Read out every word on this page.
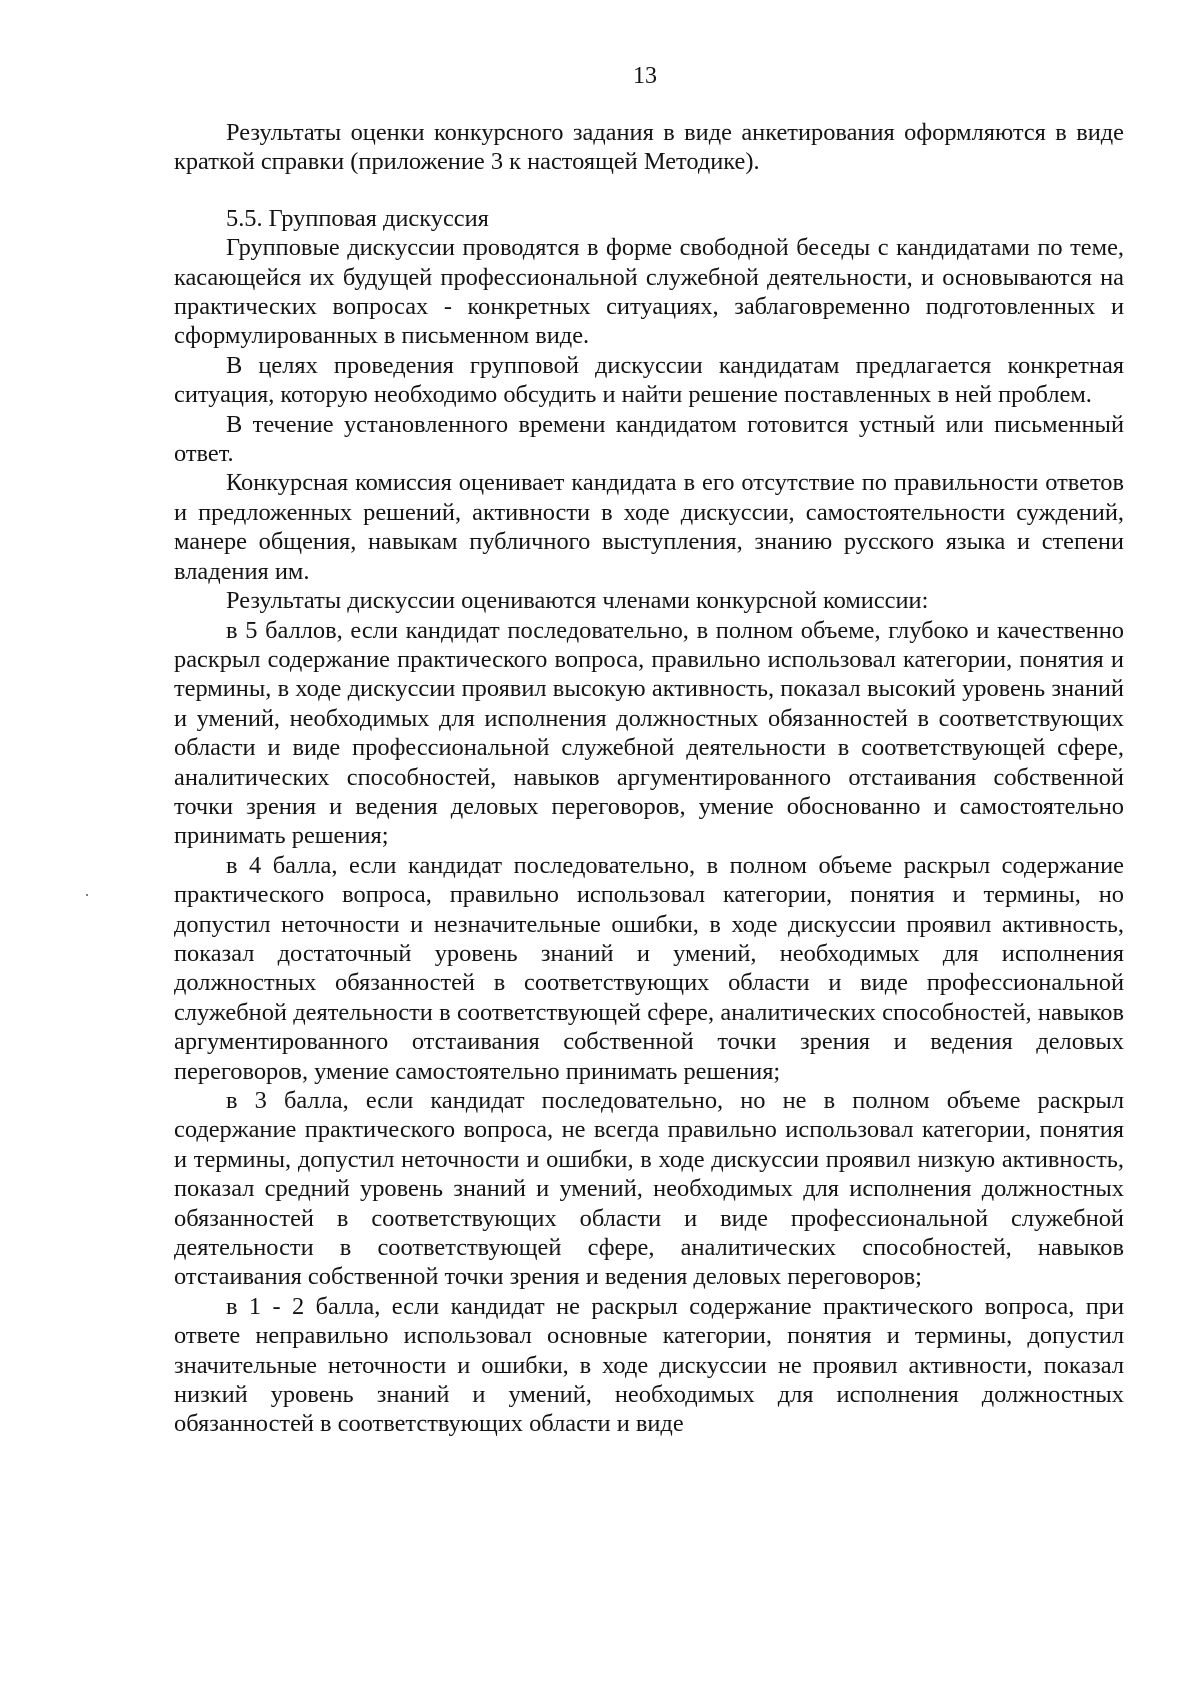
13

Результаты оценки конкурсного задания в виде анкетирования оформляются в виде краткой справки (приложение 3 к настоящей Методике).

5.5. Групповая дискуссия

Групповые дискуссии проводятся в форме свободной беседы с кандидатами по теме, касающейся их будущей профессиональной служебной деятельности, и основываются на практических вопросах - конкретных ситуациях, заблаговременно подготовленных и сформулированных в письменном виде.

В целях проведения групповой дискуссии кандидатам предлагается конкретная ситуация, которую необходимо обсудить и найти решение поставленных в ней проблем.

В течение установленного времени кандидатом готовится устный или письменный ответ.

Конкурсная комиссия оценивает кандидата в его отсутствие по правильности ответов и предложенных решений, активности в ходе дискуссии, самостоятельности суждений, манере общения, навыкам публичного выступления, знанию русского языка и степени владения им.

Результаты дискуссии оцениваются членами конкурсной комиссии:

в 5 баллов, если кандидат последовательно, в полном объеме, глубоко и качественно раскрыл содержание практического вопроса, правильно использовал категории, понятия и термины, в ходе дискуссии проявил высокую активность, показал высокий уровень знаний и умений, необходимых для исполнения должностных обязанностей в соответствующих области и виде профессиональной служебной деятельности в соответствующей сфере, аналитических способностей, навыков аргументированного отстаивания собственной точки зрения и ведения деловых переговоров, умение обоснованно и самостоятельно принимать решения;

в 4 балла, если кандидат последовательно, в полном объеме раскрыл содержание практического вопроса, правильно использовал категории, понятия и термины, но допустил неточности и незначительные ошибки, в ходе дискуссии проявил активность, показал достаточный уровень знаний и умений, необходимых для исполнения должностных обязанностей в соответствующих области и виде профессиональной служебной деятельности в соответствующей сфере, аналитических способностей, навыков аргументированного отстаивания собственной точки зрения и ведения деловых переговоров, умение самостоятельно принимать решения;

в 3 балла, если кандидат последовательно, но не в полном объеме раскрыл содержание практического вопроса, не всегда правильно использовал категории, понятия и термины, допустил неточности и ошибки, в ходе дискуссии проявил низкую активность, показал средний уровень знаний и умений, необходимых для исполнения должностных обязанностей в соответствующих области и виде профессиональной служебной деятельности в соответствующей сфере, аналитических способностей, навыков отстаивания собственной точки зрения и ведения деловых переговоров;

в 1 - 2 балла, если кандидат не раскрыл содержание практического вопроса, при ответе неправильно использовал основные категории, понятия и термины, допустил значительные неточности и ошибки, в ходе дискуссии не проявил активности, показал низкий уровень знаний и умений, необходимых для исполнения должностных обязанностей в соответствующих области и виде
